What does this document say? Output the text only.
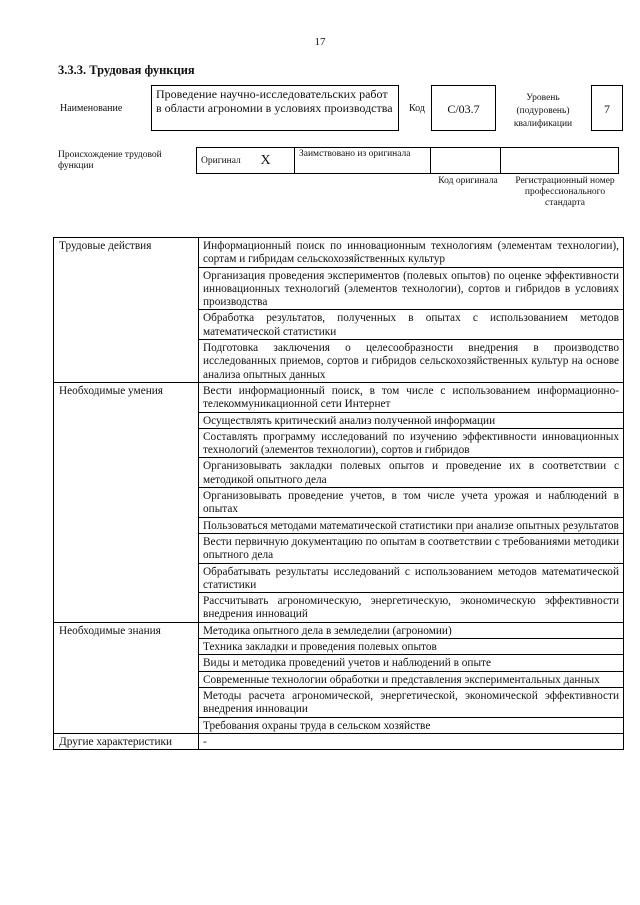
17
3.3.3. Трудовая функция
Наименование
Проведение научно-исследовательских работ в области агрономии в условиях производства	Код	C/03.7
Уровень (подуровень) квалификации
7
Происхождение трудовой функции
Оригинал	X	Заимствовано из оригинала		
Код оригинала	Регистрационный номер профессионального стандарта
Трудовые действия	Информационный поиск по инновационным технологиям (элементам технологии), сортам и гибридам сельскохозяйственных культур
	Организация проведения экспериментов (полевых опытов) по оценке эффективности инновационных технологий (элементов технологии), сортов и гибридов в условиях производства
	Обработка результатов, полученных в опытах с использованием методов математической статистики
	Подготовка заключения о целесообразности внедрения в производство исследованных приемов, сортов и гибридов сельскохозяйственных культур на основе анализа опытных данных
Необходимые умения	Вести информационный поиск, в том числе с использованием информационно-телекоммуникационной сети Интернет
	Осуществлять критический анализ полученной информации
	Составлять программу исследований по изучению эффективности инновационных технологий (элементов технологии), сортов и гибридов
	Организовывать закладки полевых опытов и проведение их в соответствии с методикой опытного дела
	Организовывать проведение учетов, в том числе учета урожая и наблюдений в опытах
	Пользоваться методами математической статистики при анализе опытных результатов
	Вести первичную документацию по опытам в соответствии с требованиями методики опытного дела
	Обрабатывать результаты исследований с использованием методов математической статистики
	Рассчитывать агрономическую, энергетическую, экономическую эффективности внедрения инноваций
Необходимые знания	Методика опытного дела в земледелии (агрономии)
	Техника закладки и проведения полевых опытов
	Виды и методика проведений учетов и наблюдений в опыте
	Современные технологии обработки и представления экспериментальных данных
	Методы расчета агрономической, энергетической, экономической эффективности внедрения инновации
	Требования охраны труда в сельском хозяйстве
Другие характеристики	-
